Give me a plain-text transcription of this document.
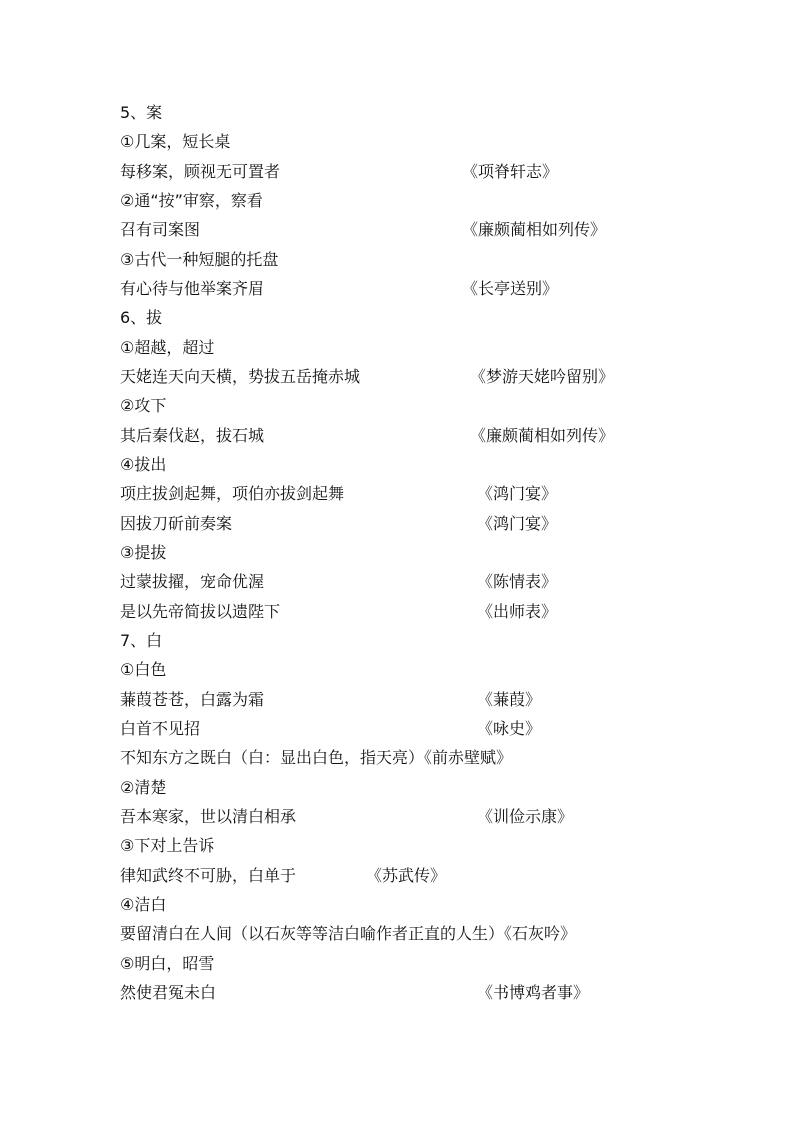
5、案
①几案，短长桌
每移案，顾视无可置者	《项脊轩志》
②通“按”审察，察看
召有司案图	《廉颇蔺相如列传》
③古代一种短腿的托盘
有心待与他举案齐眉	《长亭送别》
6、拔
①超越，超过
天姥连天向天横，势拔五岳掩赤城	《梦游天姥吟留别》
②攻下
其后秦伐赵，拔石城	《廉颇蔺相如列传》
④拔出
项庄拔剑起舞，项伯亦拔剑起舞	《鸿门宴》
因拔刀斫前奏案	《鸿门宴》
③提拔
过蒙拔擢，宠命优渥	《陈情表》
是以先帝简拔以遗陛下	《出师表》
7、白
①白色
蒹葭苍苍，白露为霜	《蒹葭》
白首不见招	《咏史》
不知东方之既白（白：显出白色，指天亮）《前赤壁赋》
②清楚
吾本寒家，世以清白相承	《训俭示康》
③下对上告诉
律知武终不可胁，白单于	《苏武传》
④洁白
要留清白在人间（以石灰等等洁白喻作者正直的人生）《石灰吟》
⑤明白，昭雪
然使君冤未白	《书博鸡者事》
